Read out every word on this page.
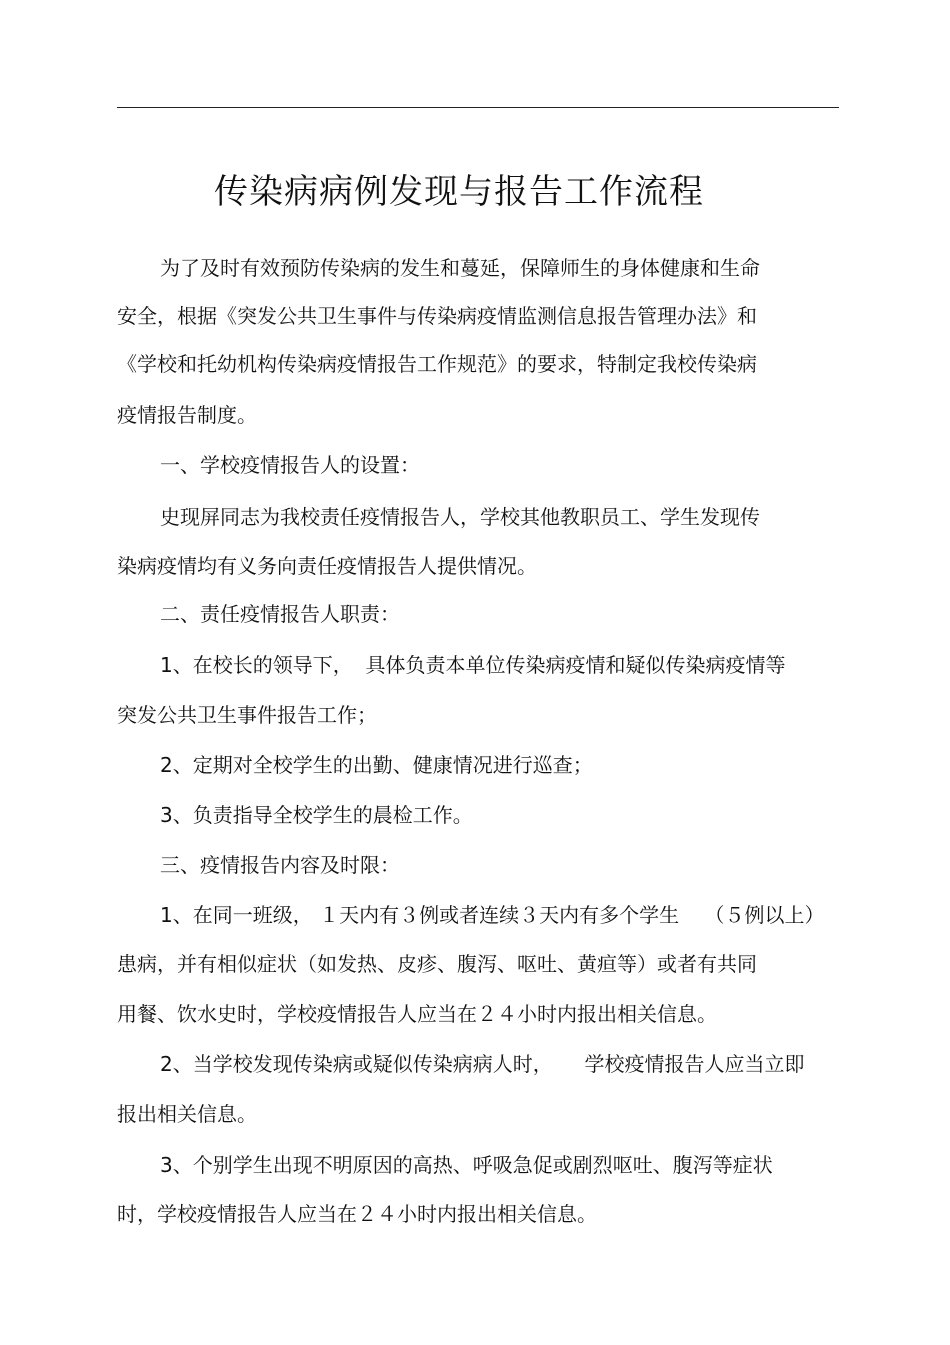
传染病病例发现与报告工作流程

为了及时有效预防传染病的发生和蔓延，保障师生的身体健康和生命

安全，根据《突发公共卫生事件与传染病疫情监测信息报告管理办法》和

《学校和托幼机构传染病疫情报告工作规范》的要求，特制定我校传染病

疫情报告制度。

一、学校疫情报告人的设置：

史现屏同志为我校责任疫情报告人，学校其他教职员工、学生发现传

染病疫情均有义务向责任疫情报告人提供情况。

二、责任疫情报告人职责：

1、在校长的领导下，  具体负责本单位传染病疫情和疑似传染病疫情等

突发公共卫生事件报告工作；

2、定期对全校学生的出勤、健康情况进行巡查；

3、负责指导全校学生的晨检工作。

三、疫情报告内容及时限：

1、在同一班级， １天内有３例或者连续３天内有多个学生    （５例以上）

患病，并有相似症状（如发热、皮疹、腹泻、呕吐、黄疸等）或者有共同

用餐、饮水史时，学校疫情报告人应当在２４小时内报出相关信息。

2、当学校发现传染病或疑似传染病病人时，     学校疫情报告人应当立即

报出相关信息。

3、个别学生出现不明原因的高热、呼吸急促或剧烈呕吐、腹泻等症状

时，学校疫情报告人应当在２４小时内报出相关信息。
